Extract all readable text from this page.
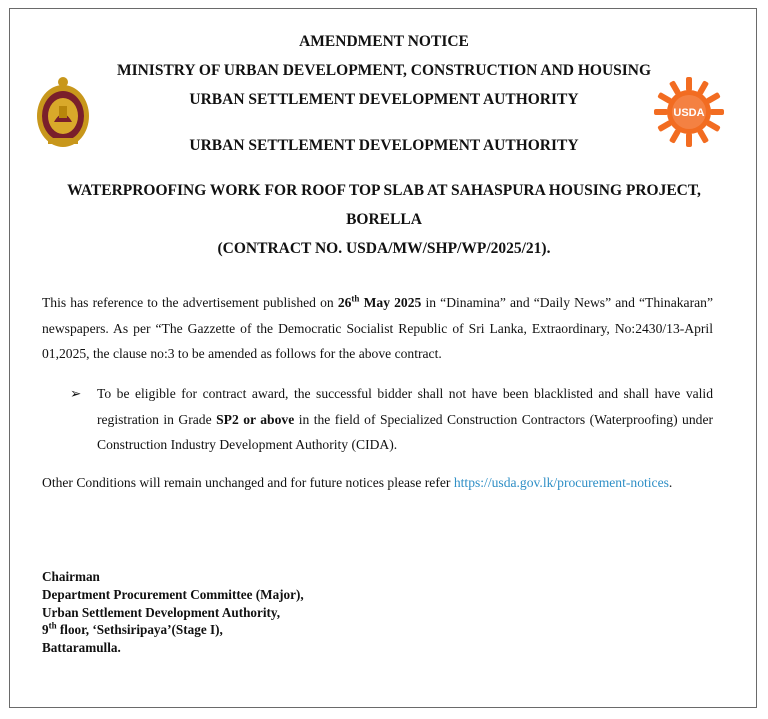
USDA
AMENDMENT NOTICE
MINISTRY OF URBAN DEVELOPMENT, CONSTRUCTION AND HOUSING
URBAN SETTLEMENT DEVELOPMENT AUTHORITY
URBAN SETTLEMENT DEVELOPMENT AUTHORITY
WATERPROOFING WORK FOR ROOF TOP SLAB AT SAHASPURA HOUSING PROJECT,
BORELLA
(CONTRACT NO. USDA/MW/SHP/WP/2025/21).
This has reference to the advertisement published on 26th May 2025 in “Dinamina” and “Daily News” and “Thinakaran” newspapers. As per “The Gazzette of the Democratic Socialist Republic of Sri Lanka, Extraordinary, No:2430/13-April 01,2025, the clause no:3 to be amended as follows for the above contract.
➢ To be eligible for contract award, the successful bidder shall not have been blacklisted and shall have valid registration in Grade SP2 or above in the field of Specialized Construction Contractors (Waterproofing) under Construction Industry Development Authority (CIDA).
Other Conditions will remain unchanged and for future notices please refer https://usda.gov.lk/procurement-notices.
Chairman
Department Procurement Committee (Major),
Urban Settlement Development Authority,
9th floor, ‘Sethsiripaya’(Stage I),
Battaramulla.
